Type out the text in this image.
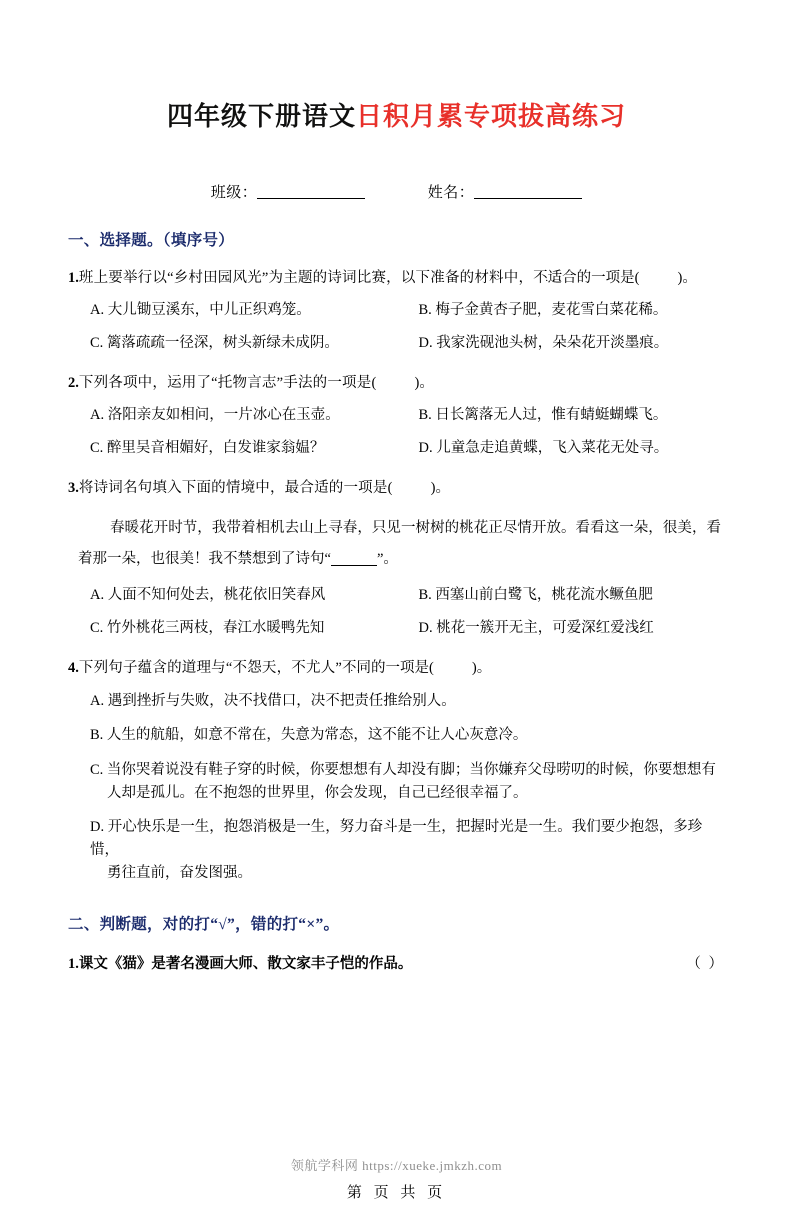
四年级下册语文日积月累专项拔高练习
班级：	姓名：
一、选择题。（填序号）
1.班上要举行以“乡村田园风光”为主题的诗词比赛，以下准备的材料中，不适合 ···的一项是(	)。
A. 大儿锄豆溪东，中儿正织鸡笼。	B. 梅子金黄杏子肥，麦花雪白菜花稀。
C. 篱落疏疏一径深，树头新绿未成阴。	D. 我家洗砚池头树，朵朵花开淡墨痕。
2.下列各项中，运用了“托物言志”手法的一项是(	)。
A. 洛阳亲友如相问，一片冰心在玉壶。	B. 日长篱落无人过，惟有蜻蜓蝴蝶飞。
C. 醉里吴音相媚好，白发谁家翁媪？	D. 儿童急走追黄蝶，飞入菜花无处寻。
3.将诗词名句填入下面的情境中，最合适的一项是(	)。
春暖花开时节，我带着相机去山上寻春，只见一树树的桃花正尽情开放。看看这一朵，很美，看着那一朵，也很美！我不禁想到了诗句“	”。
A. 人面不知何处去，桃花依旧笑春风	B. 西塞山前白鹭飞，桃花流水鳜鱼肥
C. 竹外桃花三两枝，春江水暖鸭先知	D. 桃花一簇开无主，可爱深红爱浅红
4.下列句子蕴含的道理与“不怨天，不尤人”不同 ··的一项是(	)。
A. 遇到挫折与失败，决不找借口，决不把责任推给别人。
B. 人生的航船，如意不常在，失意为常态，这不能不让人心灰意冷。
C. 当你哭着说没有鞋子穿的时候，你要想想有人却没有脚；当你嫌弃父母唠叨的时候，你要想想有
人却是孤儿。在不抱怨的世界里，你会发现，自己已经很幸福了。
D. 开心快乐是一生，抱怨消极是一生，努力奋斗是一生，把握时光是一生。我们要少抱怨，多珍惜，
勇往直前，奋发图强。
二、判断题，对的打“√”，错的打“×”。
1.课文《猫》是著名漫画大师、散文家丰子恺的作品。	（ ）
领航学科网 https://xueke.jmkzh.com
第 页 共 页
